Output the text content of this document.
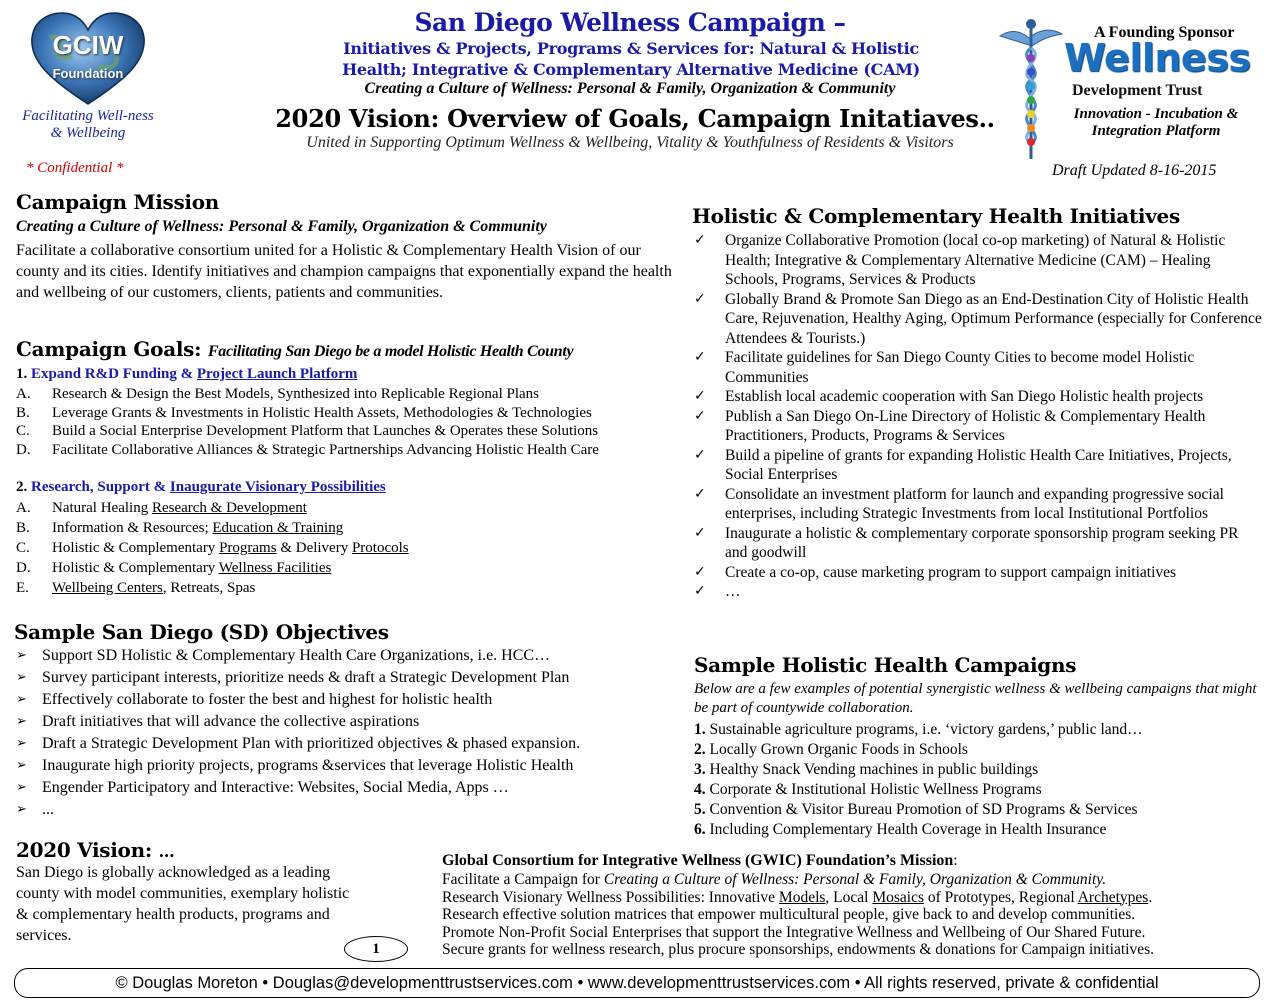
GCIW
Foundation
Facilitating Well-ness & Wellbeing
* Confidential *
San Diego Wellness Campaign –
Initiatives & Projects, Programs & Services for: Natural & Holistic
Health; Integrative & Complementary Alternative Medicine (CAM)
Creating a Culture of Wellness: Personal & Family, Organization & Community
2020 Vision: Overview of Goals, Campaign Initatiaves..
United in Supporting Optimum Wellness & Wellbeing, Vitality & Youthfulness of Residents & Visitors
Draft Updated 8-16-2015
A Founding Sponsor
Wellness
Development Trust
Innovation - Incubation & Integration Platform
Campaign Mission
Creating a Culture of Wellness: Personal & Family, Organization & Community
Facilitate a collaborative consortium united for a Holistic & Complementary Health Vision of our county and its cities. Identify initiatives and champion campaigns that exponentially expand the health and wellbeing of our customers, clients, patients and communities.
Campaign Goals: Facilitating San Diego be a model Holistic Health County
1. Expand R&D Funding & Project Launch Platform
A.	Research & Design the Best Models, Synthesized into Replicable Regional Plans
B.	Leverage Grants & Investments in Holistic Health Assets, Methodologies & Technologies
C.	Build a Social Enterprise Development Platform that Launches & Operates these Solutions
D.	Facilitate Collaborative Alliances & Strategic Partnerships Advancing Holistic Health Care
2. Research, Support & Inaugurate Visionary Possibilities
A.	Natural Healing Research & Development
B.	Information & Resources; Education & Training
C.	Holistic & Complementary Programs & Delivery Protocols
D.	Holistic & Complementary Wellness Facilities
E.	Wellbeing Centers, Retreats, Spas
Sample San Diego (SD) Objectives
➢ Support SD Holistic & Complementary Health Care Organizations, i.e. HCC…
➢ Survey participant interests, prioritize needs & draft a Strategic Development Plan
➢ Effectively collaborate to foster the best and highest for holistic health
➢ Draft initiatives that will advance the collective aspirations
➢ Draft a Strategic Development Plan with prioritized objectives & phased expansion.
➢ Inaugurate high priority projects, programs &services that leverage Holistic Health
➢ Engender Participatory and Interactive: Websites, Social Media, Apps …
➢ ...
2020 Vision: …
San Diego is globally acknowledged as a leading county with model communities, exemplary holistic & complementary health products, programs and services.
1
Holistic & Complementary Health Initiatives
✓	Organize Collaborative Promotion (local co-op marketing) of Natural & Holistic Health; Integrative & Complementary Alternative Medicine (CAM) – Healing Schools, Programs, Services & Products
✓	Globally Brand & Promote San Diego as an End-Destination City of Holistic Health Care, Rejuvenation, Healthy Aging, Optimum Performance (especially for Conference Attendees & Tourists.)
✓	Facilitate guidelines for San Diego County Cities to become model Holistic Communities
✓	Establish local academic cooperation with San Diego Holistic health projects
✓	Publish a San Diego On-Line Directory of Holistic & Complementary Health Practitioners, Products, Programs & Services
✓	Build a pipeline of grants for expanding Holistic Health Care Initiatives, Projects, Social Enterprises
✓	Consolidate an investment platform for launch and expanding progressive social enterprises, including Strategic Investments from local Institutional Portfolios
✓	Inaugurate a holistic & complementary corporate sponsorship program seeking PR and goodwill
✓	Create a co-op, cause marketing program to support campaign initiatives
✓	…
Sample Holistic Health Campaigns
Below are a few examples of potential synergistic wellness & wellbeing campaigns that might be part of countywide collaboration.
1. Sustainable agriculture programs, i.e. ‘victory gardens,’ public land…
2. Locally Grown Organic Foods in Schools
3. Healthy Snack Vending machines in public buildings
4. Corporate & Institutional Holistic Wellness Programs
5. Convention & Visitor Bureau Promotion of SD Programs & Services
6. Including Complementary Health Coverage in Health Insurance
Global Consortium for Integrative Wellness (GWIC) Foundation’s Mission:
Facilitate a Campaign for Creating a Culture of Wellness: Personal & Family, Organization & Community.
Research Visionary Wellness Possibilities: Innovative Models, Local Mosaics of Prototypes, Regional Archetypes.
Research effective solution matrices that empower multicultural people, give back to and develop communities.
Promote Non-Profit Social Enterprises that support the Integrative Wellness and Wellbeing of Our Shared Future.
Secure grants for wellness research, plus procure sponsorships, endowments & donations for Campaign initiatives.
© Douglas Moreton • Douglas@developmenttrustservices.com • www.developmenttrustservices.com • All rights reserved, private & confidential
